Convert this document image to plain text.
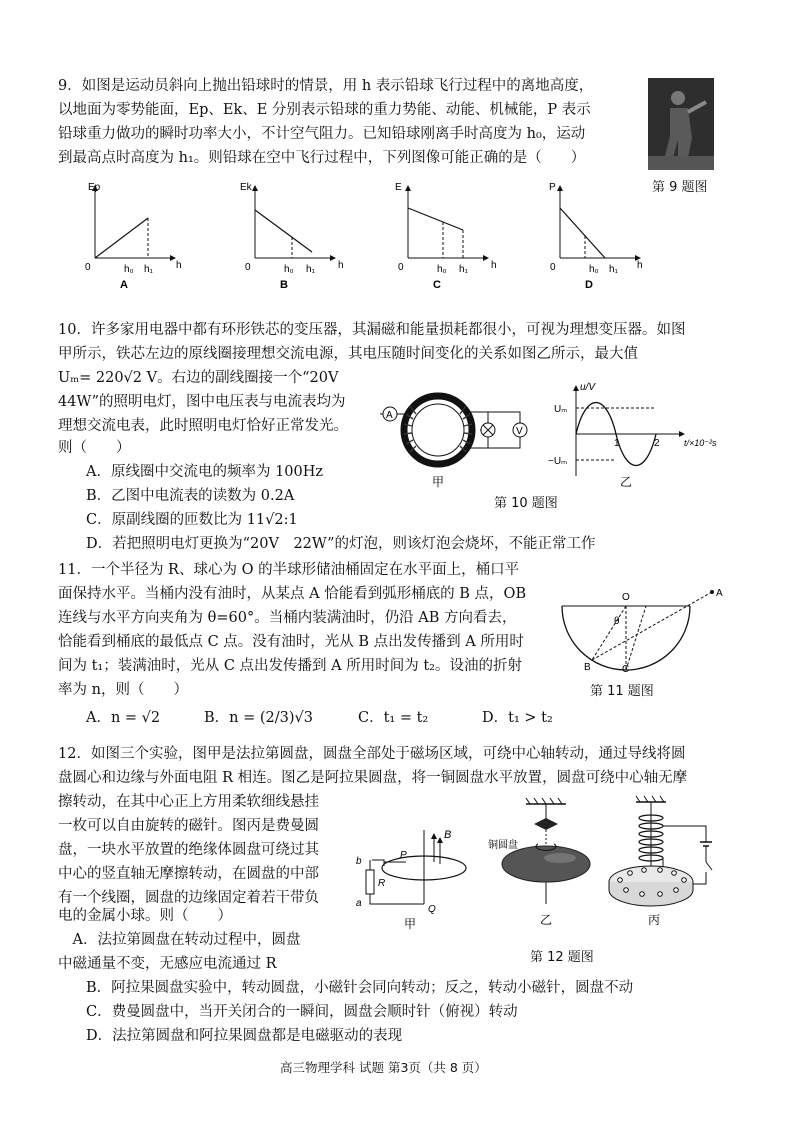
9．如图是运动员斜向上抛出铅球时的情景，用 h 表示铅球飞行过程中的离地高度，
以地面为零势能面，Ep、Ek、E 分别表示铅球的重力势能、动能、机械能，P 表示
铅球重力做功的瞬时功率大小，不计空气阻力。已知铅球刚离手时高度为 h₀，运动
到最高点时高度为 h₁。则铅球在空中飞行过程中，下列图像可能正确的是（　　）
第 9 题图
Ep
0	h₀ h₁ h
A
Ek
0	h₀ h₁ h
B
E
0	h₀ h₁ h
C
P
0	h₀ h₁ h
D
10．许多家用电器中都有环形铁芯的变压器，其漏磁和能量损耗都很小，可视为理想变压器。如图
甲所示，铁芯左边的原线圈接理想交流电源，其电压随时间变化的关系如图乙所示，最大值
Uₘ= 220√2 V。右边的副线圈接一个“20V
44W”的照明电灯，图中电压表与电流表均为
理想交流电表，此时照明电灯恰好正常发光。
则（　　）
A．原线圈中交流电的频率为 100Hz
B．乙图中电流表的读数为 0.2A
C．原副线圈的匝数比为 11√2:1
D．若把照明电灯更换为“20V　22W”的灯泡，则该灯泡会烧坏，不能正常工作
A
V
甲
第 10 题图
u/V
Uₘ
−Uₘ
1	2	t/×10⁻²s
乙
11．一个半径为 R、球心为 O 的半球形储油桶固定在水平面上，桶口平
面保持水平。当桶内没有油时，从某点 A 恰能看到弧形桶底的 B 点，OB
连线与水平方向夹角为 θ=60°。当桶内装满油时，仍沿 AB 方向看去，
恰能看到桶底的最低点 C 点。没有油时，光从 B 点出发传播到 A 所用时
间为 t₁；装满油时，光从 C 点出发传播到 A 所用时间为 t₂。设油的折射
率为 n，则（　　）
A．n = √2	B．n = (2/3)√3	C．t₁ = t₂	D．t₁ > t₂
O	A
B	C
θ
第 11 题图
12．如图三个实验，图甲是法拉第圆盘，圆盘全部处于磁场区域，可绕中心轴转动，通过导线将圆
盘圆心和边缘与外面电阻 R 相连。图乙是阿拉果圆盘，将一铜圆盘水平放置，圆盘可绕中心轴无摩
擦转动，在其中心正上方用柔软细线悬挂
一枚可以自由旋转的磁针。图丙是费曼圆
盘，一块水平放置的绝缘体圆盘可绕过其
中心的竖直轴无摩擦转动，在圆盘的中部
有一个线圈，圆盘的边缘固定着若干带负
电的金属小球。则（　　）
　A．法拉第圆盘在转动过程中，圆盘
中磁通量不变，无感应电流通过 R
B．阿拉果圆盘实验中，转动圆盘，小磁针会同向转动；反之，转动小磁针，圆盘不动
C．费曼圆盘中，当开关闭合的一瞬间，圆盘会顺时针（俯视）转动
D．法拉第圆盘和阿拉果圆盘都是电磁驱动的表现
B
P
b
R
a
Q
甲
铜圆盘
乙	丙
第 12 题图
高三物理学科 试题 第3页（共 8 页）
